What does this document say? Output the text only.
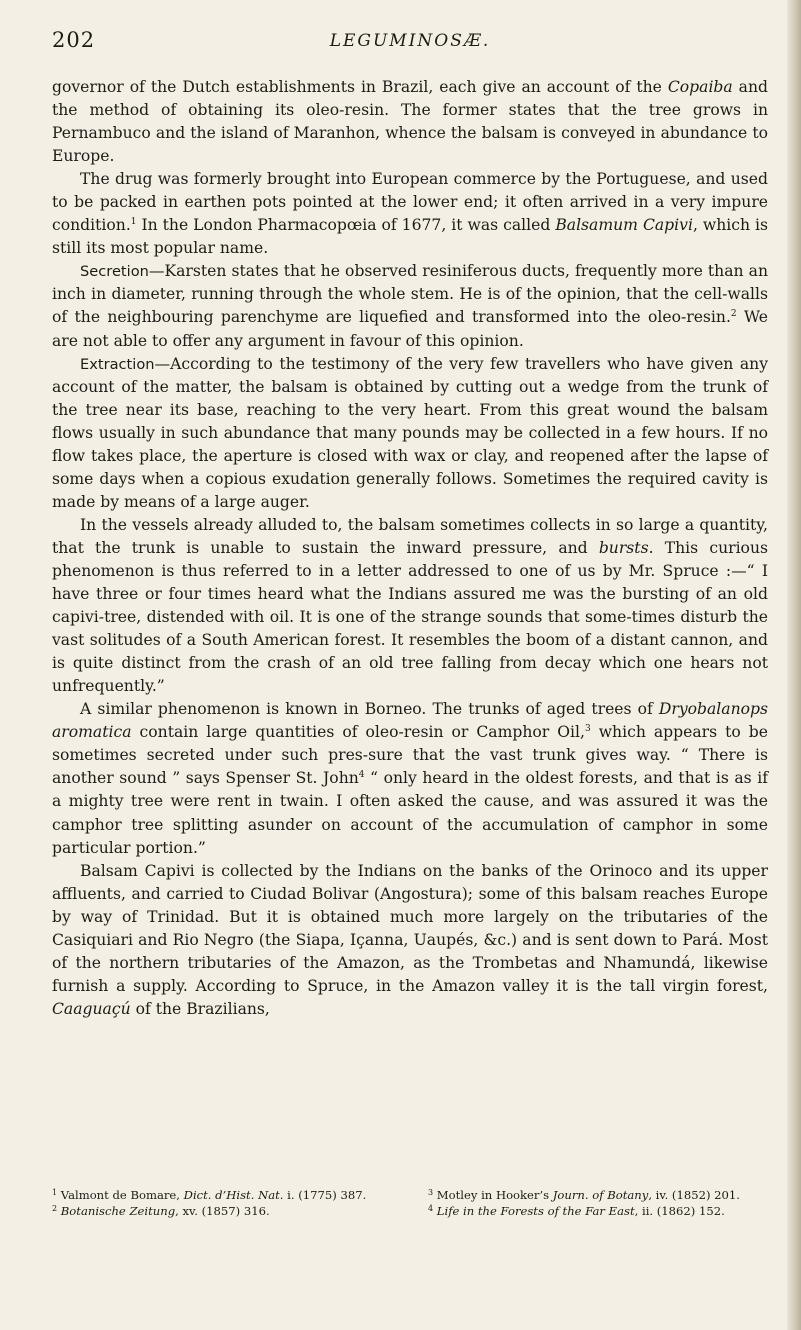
202	LEGUMINOSÆ.

governor of the Dutch establishments in Brazil, each give an account of the Copaiba and the method of obtaining its oleo-resin. The former states that the tree grows in Pernambuco and the island of Maranhon, whence the balsam is conveyed in abundance to Europe.

The drug was formerly brought into European commerce by the Portuguese, and used to be packed in earthen pots pointed at the lower end; it often arrived in a very impure condition.$^1$ In the London Pharmacopœia of 1677, it was called Balsamum Capivi, which is still its most popular name.

Secretion—Karsten states that he observed resiniferous ducts, frequently more than an inch in diameter, running through the whole stem. He is of the opinion, that the cell-walls of the neighbouring parenchyme are liquefied and transformed into the oleo-resin.$^2$ We are not able to offer any argument in favour of this opinion.

Extraction—According to the testimony of the very few travellers who have given any account of the matter, the balsam is obtained by cutting out a wedge from the trunk of the tree near its base, reaching to the very heart. From this great wound the balsam flows usually in such abundance that many pounds may be collected in a few hours. If no flow takes place, the aperture is closed with wax or clay, and reopened after the lapse of some days when a copious exudation generally follows. Sometimes the required cavity is made by means of a large auger.

In the vessels already alluded to, the balsam sometimes collects in so large a quantity, that the trunk is unable to sustain the inward pressure, and bursts. This curious phenomenon is thus referred to in a letter addressed to one of us by Mr. Spruce :—“ I have three or four times heard what the Indians assured me was the bursting of an old capivi-tree, distended with oil. It is one of the strange sounds that some-times disturb the vast solitudes of a South American forest. It resembles the boom of a distant cannon, and is quite distinct from the crash of an old tree falling from decay which one hears not unfrequently.”

A similar phenomenon is known in Borneo. The trunks of aged trees of Dryobalanops aromatica contain large quantities of oleo-resin or Camphor Oil,$^3$ which appears to be sometimes secreted under such pres-sure that the vast trunk gives way. “ There is another sound ” says Spenser St. John$^4$ “ only heard in the oldest forests, and that is as if a mighty tree were rent in twain. I often asked the cause, and was assured it was the camphor tree splitting asunder on account of the accumulation of camphor in some particular portion.”

Balsam Capivi is collected by the Indians on the banks of the Orinoco and its upper affluents, and carried to Ciudad Bolivar (Angostura); some of this balsam reaches Europe by way of Trinidad. But it is obtained much more largely on the tributaries of the Casiquiari and Rio Negro (the Siapa, Içanna, Uaupés, &c.) and is sent down to Pará. Most of the northern tributaries of the Amazon, as the Trombetas and Nhamundá, likewise furnish a supply. According to Spruce, in the Amazon valley it is the tall virgin forest, Caaguaçú of the Brazilians,

$^1$ Valmont de Bomare, Dict. d’Hist. Nat. i. (1775) 387.

$^2$ Botanische Zeitung, xv. (1857) 316.

$^3$ Motley in Hooker’s Journ. of Botany, iv. (1852) 201.

$^4$ Life in the Forests of the Far East, ii. (1862) 152.
